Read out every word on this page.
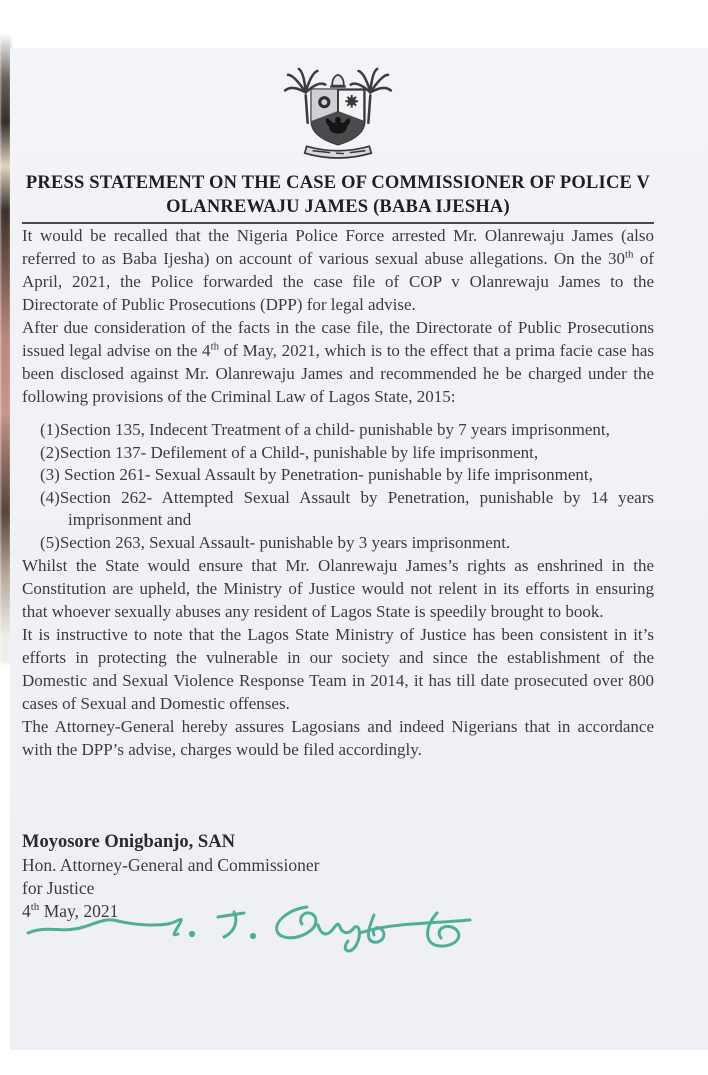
PRESS STATEMENT ON THE CASE OF COMMISSIONER OF POLICE V
OLANREWAJU JAMES (BABA IJESHA)

It would be recalled that the Nigeria Police Force arrested Mr. Olanrewaju James (also referred to as Baba Ijesha) on account of various sexual abuse allegations. On the 30th of April, 2021, the Police forwarded the case file of COP v Olanrewaju James to the Directorate of Public Prosecutions (DPP) for legal advise.

After due consideration of the facts in the case file, the Directorate of Public Prosecutions issued legal advise on the 4th of May, 2021, which is to the effect that a prima facie case has been disclosed against Mr. Olanrewaju James and recommended he be charged under the following provisions of the Criminal Law of Lagos State, 2015:

(1)Section 135, Indecent Treatment of a child- punishable by 7 years imprisonment,
(2)Section 137- Defilement of a Child-, punishable by life imprisonment,
(3) Section 261- Sexual Assault by Penetration- punishable by life imprisonment,
(4)Section 262- Attempted Sexual Assault by Penetration, punishable by 14 years imprisonment and
(5)Section 263, Sexual Assault- punishable by 3 years imprisonment.

Whilst the State would ensure that Mr. Olanrewaju James’s rights as enshrined in the Constitution are upheld, the Ministry of Justice would not relent in its efforts in ensuring that whoever sexually abuses any resident of Lagos State is speedily brought to book.

It is instructive to note that the Lagos State Ministry of Justice has been consistent in it’s efforts in protecting the vulnerable in our society and since the establishment of the Domestic and Sexual Violence Response Team in 2014, it has till date prosecuted over 800 cases of Sexual and Domestic offenses.

The Attorney-General hereby assures Lagosians and indeed Nigerians that in accordance with the DPP’s advise, charges would be filed accordingly.

Moyosore Onigbanjo, SAN
Hon. Attorney-General and Commissioner
for Justice
4th May, 2021
